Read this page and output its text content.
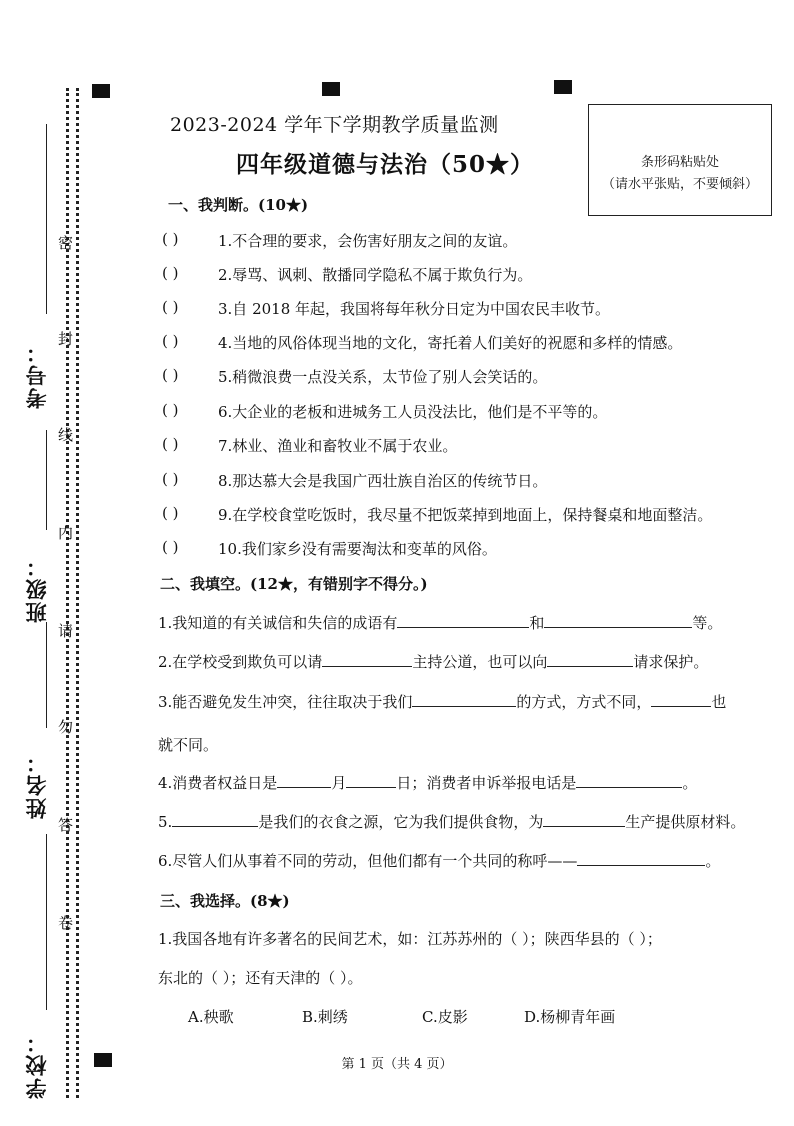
密
封
线
内
请
勿
答
卷
考号：
班级：
姓名：
学校：
2023-2024 学年下学期教学质量监测
四年级道德与法治（50★）	条形码粘贴处
（请水平张贴，不要倾斜）
一、我判断。(10★)
( )	1.不合理的要求，会伤害好朋友之间的友谊。
( )	2.辱骂、讽刺、散播同学隐私不属于欺负行为。
( )	3.自 2018 年起，我国将每年秋分日定为中国农民丰收节。
( )	4.当地的风俗体现当地的文化，寄托着人们美好的祝愿和多样的情感。
( )	5.稍微浪费一点没关系，太节俭了别人会笑话的。
( )	6.大企业的老板和进城务工人员没法比，他们是不平等的。
( )	7.林业、渔业和畜牧业不属于农业。
( )	8.那达慕大会是我国广西壮族自治区的传统节日。
( )	9.在学校食堂吃饭时，我尽量不把饭菜掉到地面上，保持餐桌和地面整洁。
( )	10.我们家乡没有需要淘汰和变革的风俗。
二、我填空。(12★，有错别字不得分。)
1.我知道的有关诚信和失信的成语有	和	等。
2.在学校受到欺负可以请	主持公道，也可以向	请求保护。
3.能否避免发生冲突，往往取决于我们	的方式，方式不同，	也
就不同。
4.消费者权益日是	月	日；消费者申诉举报电话是	。
5.	是我们的衣食之源，它为我们提供食物，为	生产提供原材料。
6.尽管人们从事着不同的劳动，但他们都有一个共同的称呼——	。
三、我选择。(8★)
1.我国各地有许多著名的民间艺术，如：江苏苏州的（ ）；陕西华县的（ ）；
东北的（ ）；还有天津的（ ）。
A.秧歌	B.刺绣	C.皮影	D.杨柳青年画
第 1 页（共 4 页）
